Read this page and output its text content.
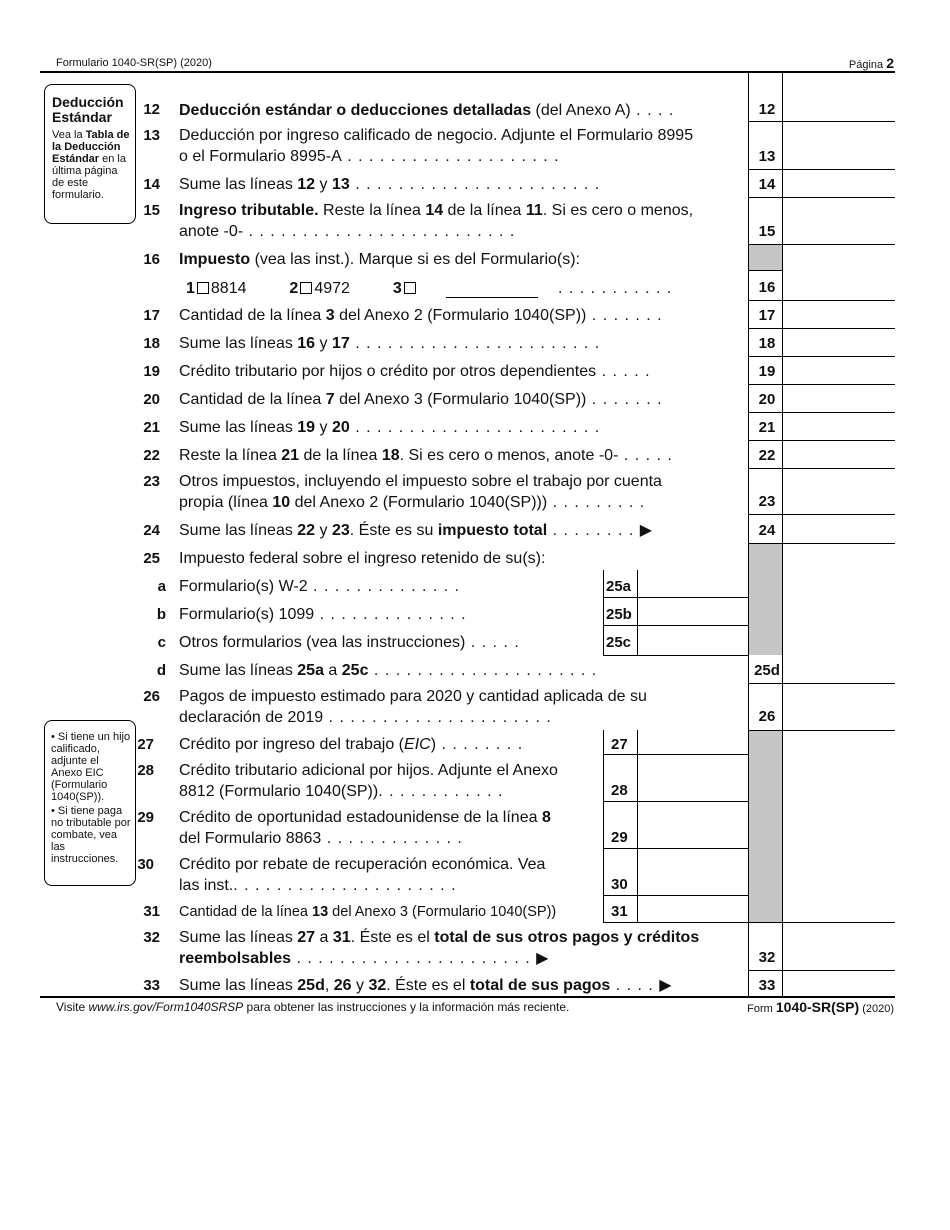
Formulario 1040-SR(SP) (2020)	Página 2
Deducción
Estándar
Vea la Tabla de la Deducción Estándar en la última página de este formulario.
• Si tiene un hijo calificado, adjunte el Anexo EIC (Formulario 1040(SP)).
• Si tiene paga no tributable por combate, vea las instrucciones.
12 Deducción estándar o deducciones detalladas (del Anexo A) . . . .	12
13 Deducción por ingreso calificado de negocio. Adjunte el Formulario 8995
o el Formulario 8995-A . . . . . . . . . . . . . . . . . . . .	13
14 Sume las líneas 12 y 13 . . . . . . . . . . . . . . . . . . . . . . .	14
15 Ingreso tributable. Reste la línea 14 de la línea 11. Si es cero o menos,
anote -0- . . . . . . . . . . . . . . . . . . . . . . . . .	15
16 Impuesto (vea las inst.). Marque si es del Formulario(s):
1 8814	2 4972	3	. . . . . . . . . . .	16
17 Cantidad de la línea 3 del Anexo 2 (Formulario 1040(SP)) . . . . . . .	17
18 Sume las líneas 16 y 17 . . . . . . . . . . . . . . . . . . . . . . .	18
19 Crédito tributario por hijos o crédito por otros dependientes . . . . .	19
20 Cantidad de la línea 7 del Anexo 3 (Formulario 1040(SP)) . . . . . . .	20
21 Sume las líneas 19 y 20 . . . . . . . . . . . . . . . . . . . . . . .	21
22 Reste la línea 21 de la línea 18. Si es cero o menos, anote -0- . . . . .	22
23 Otros impuestos, incluyendo el impuesto sobre el trabajo por cuenta
propia (línea 10 del Anexo 2 (Formulario 1040(SP))) . . . . . . . . .	23
24 Sume las líneas 22 y 23. Éste es su impuesto total . . . . . . . . ▶	24
25 Impuesto federal sobre el ingreso retenido de su(s):
a Formulario(s) W-2 . . . . . . . . . . . . . .	25a
b Formulario(s) 1099 . . . . . . . . . . . . . .	25b
c Otros formularios (vea las instrucciones) . . . . .	25c
d Sume las líneas 25a a 25c . . . . . . . . . . . . . . . . . . . . .	25d
26 Pagos de impuesto estimado para 2020 y cantidad aplicada de su
declaración de 2019 . . . . . . . . . . . . . . . . . . . . .	26
27 Crédito por ingreso del trabajo (EIC) . . . . . . . .	27
28 Crédito tributario adicional por hijos. Adjunte el Anexo
8812 (Formulario 1040(SP)). . . . . . . . . . . .	28
29 Crédito de oportunidad estadounidense de la línea 8
del Formulario 8863 . . . . . . . . . . . . .	29
30 Crédito por rebate de recuperación económica. Vea
las inst.. . . . . . . . . . . . . . . . . . . . .	30
31 Cantidad de la línea 13 del Anexo 3 (Formulario 1040(SP))	31
32 Sume las líneas 27 a 31. Éste es el total de sus otros pagos y créditos
reembolsables . . . . . . . . . . . . . . . . . . . . . . ▶	32
33 Sume las líneas 25d, 26 y 32. Éste es el total de sus pagos . . . . ▶	33
Visite www.irs.gov/Form1040SRSP para obtener las instrucciones y la información más reciente.	Form 1040-SR(SP) (2020)
